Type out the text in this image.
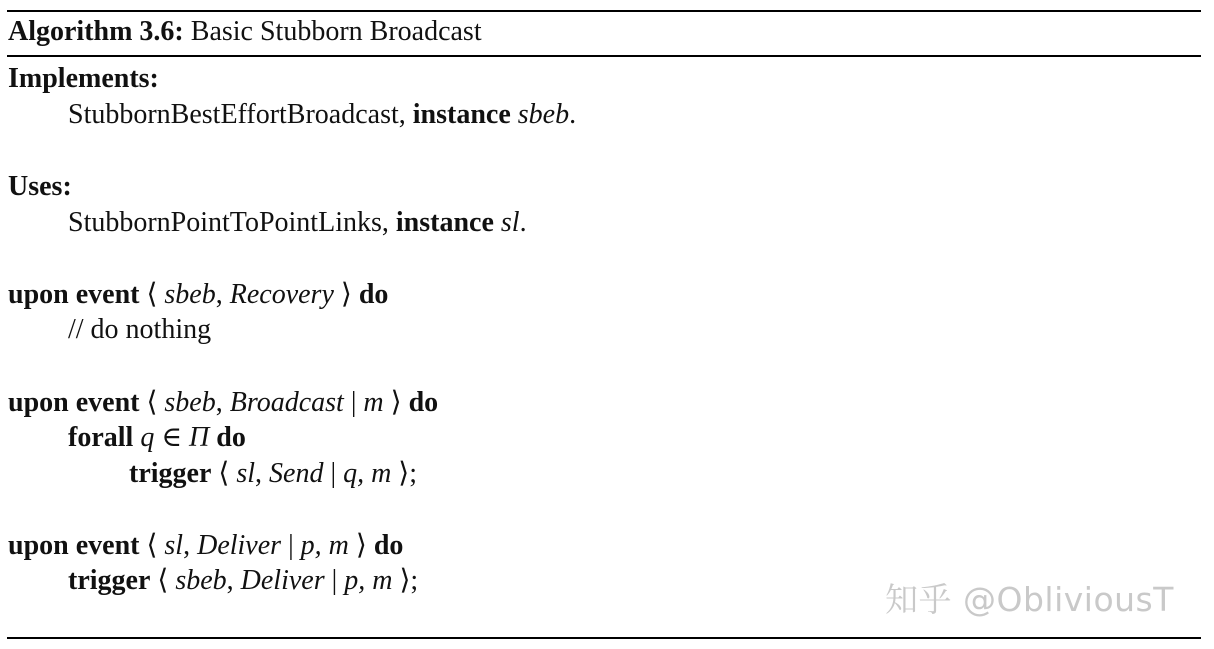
Algorithm 3.6: Basic Stubborn Broadcast
Implements:
StubbornBestEffortBroadcast, instance sbeb.
Uses:
StubbornPointToPointLinks, instance sl.
upon event ⟨ sbeb, Recovery ⟩ do
// do nothing
upon event ⟨ sbeb, Broadcast | m ⟩ do
forall q ∈ Π do
trigger ⟨ sl, Send | q, m ⟩;
upon event ⟨ sl, Deliver | p, m ⟩ do
trigger ⟨ sbeb, Deliver | p, m ⟩;	知乎 @ObliviousT
